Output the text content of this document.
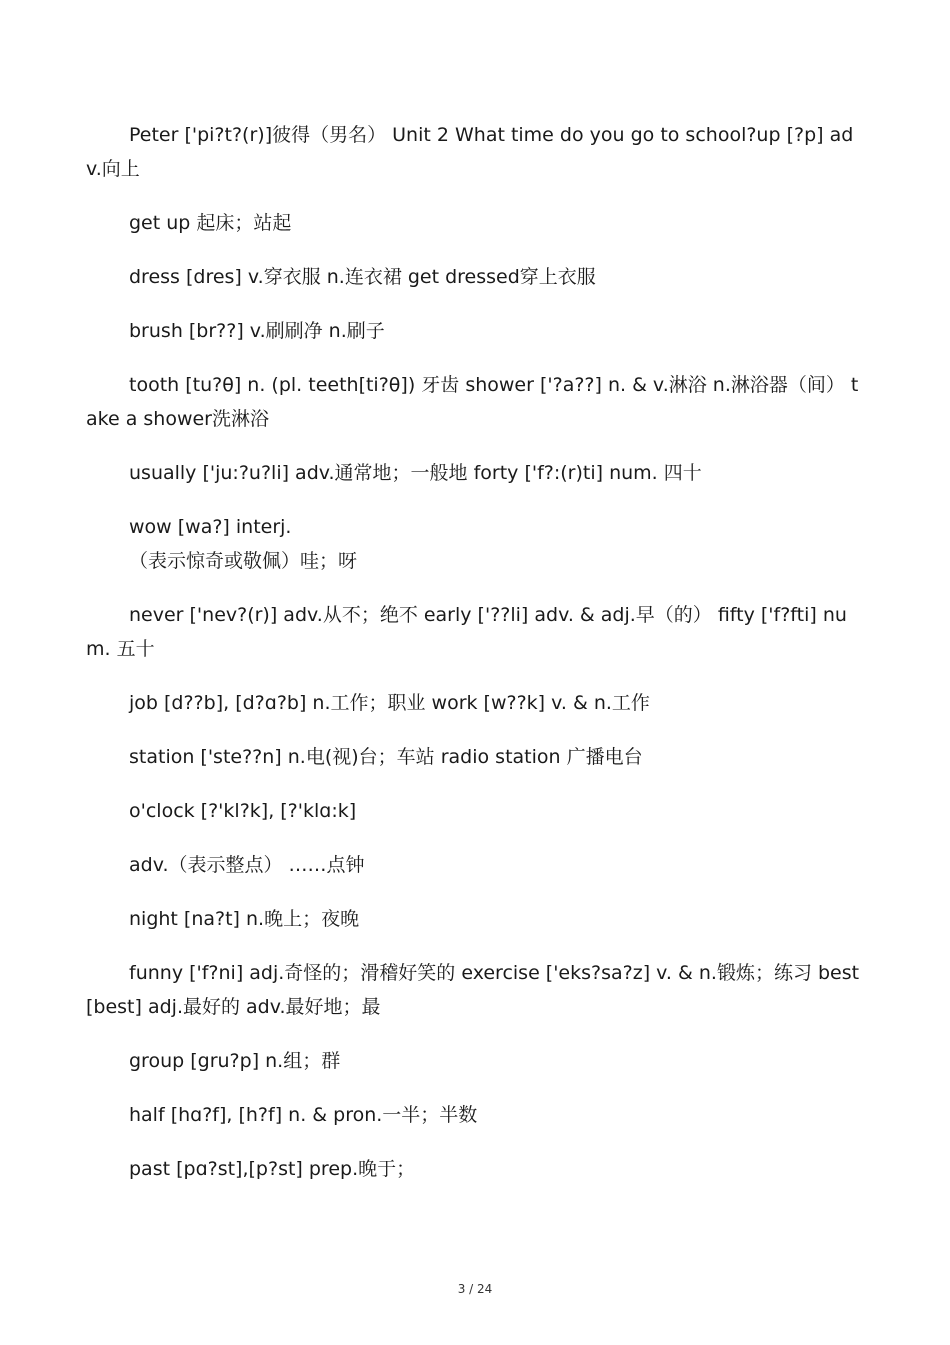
Peter ['pi?t?(r)]彼得（男名） Unit 2 What time do you go to school?up [?p] adv.向上

get up 起床；站起

dress [dres] v.穿衣服 n.连衣裙 get dressed穿上衣服

brush [br??] v.刷刷净 n.刷子

tooth [tu?θ] n. (pl. teeth[ti?θ]) 牙齿 shower ['?a??] n. & v.淋浴 n.淋浴器（间） take a shower洗淋浴

usually ['ju:?u?li] adv.通常地；一般地 forty ['f?:(r)ti] num. 四十

wow [wa?] interj.

（表示惊奇或敬佩）哇；呀

never ['nev?(r)] adv.从不；绝不 early ['??li] adv. & adj.早（的） fifty ['f?fti] num. 五十

job [d??b], [d?ɑ?b] n.工作；职业 work [w??k] v. & n.工作

station ['ste??n] n.电(视)台；车站 radio station 广播电台

o'clock [?'kl?k], [?'klɑ:k]

adv.（表示整点） ……点钟

night [na?t] n.晚上；夜晚

funny ['f?ni] adj.奇怪的；滑稽好笑的 exercise ['eks?sa?z] v. & n.锻炼；练习 best [best] adj.最好的 adv.最好地；最

group [gru?p] n.组；群

half [hɑ?f], [h?f] n. & pron.一半；半数

past [pɑ?st],[p?st] prep.晚于；

3 / 24
